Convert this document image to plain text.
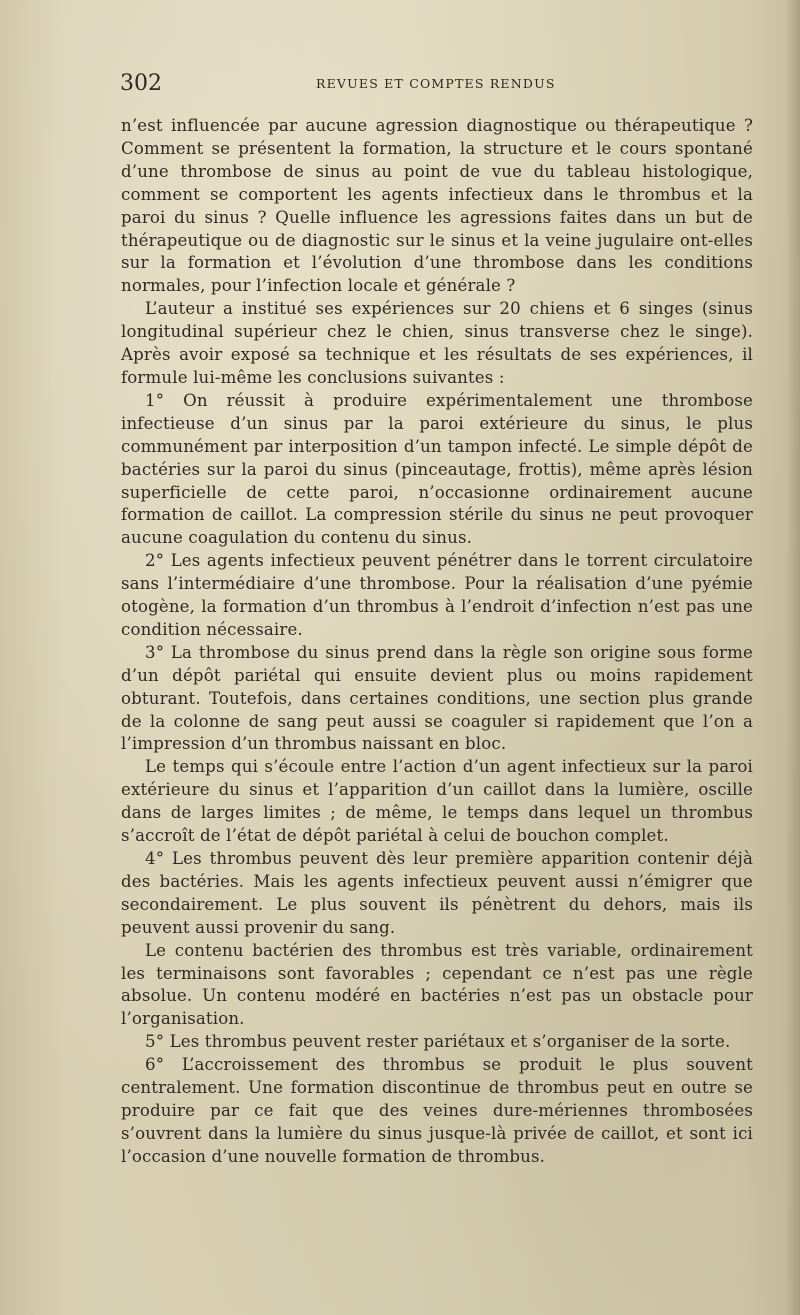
302	REVUES ET COMPTES RENDUS

n’est influencée par aucune agression diagnostique ou thérapeutique ? Comment se présentent la formation, la structure et le cours spontané d’une thrombose de sinus au point de vue du tableau histologique, comment se comportent les agents infectieux dans le thrombus et la paroi du sinus ? Quelle influence les agressions faites dans un but de thérapeutique ou de diagnostic sur le sinus et la veine jugulaire ont-elles sur la formation et l’évolution d’une thrombose dans les conditions normales, pour l’infection locale et générale ?

L’auteur a institué ses expériences sur 20 chiens et 6 singes (sinus longitudinal supérieur chez le chien, sinus transverse chez le singe). Après avoir exposé sa technique et les résultats de ses expériences, il formule lui-même les conclusions suivantes :

1° On réussit à produire expérimentalement une thrombose infectieuse d’un sinus par la paroi extérieure du sinus, le plus communément par interposition d’un tampon infecté. Le simple dépôt de bactéries sur la paroi du sinus (pinceautage, frottis), même après lésion superficielle de cette paroi, n’occasionne ordinairement aucune formation de caillot. La compression stérile du sinus ne peut provoquer aucune coagulation du contenu du sinus.

2° Les agents infectieux peuvent pénétrer dans le torrent circulatoire sans l’intermédiaire d’une thrombose. Pour la réalisation d’une pyémie otogène, la formation d’un thrombus à l’endroit d’infection n’est pas une condition nécessaire.

3° La thrombose du sinus prend dans la règle son origine sous forme d’un dépôt pariétal qui ensuite devient plus ou moins rapidement obturant. Toutefois, dans certaines conditions, une section plus grande de la colonne de sang peut aussi se coaguler si rapidement que l’on a l’impression d’un thrombus naissant en bloc.

Le temps qui s’écoule entre l’action d’un agent infectieux sur la paroi extérieure du sinus et l’apparition d’un caillot dans la lumière, oscille dans de larges limites ; de même, le temps dans lequel un thrombus s’accroît de l’état de dépôt pariétal à celui de bouchon complet.

4° Les thrombus peuvent dès leur première apparition contenir déjà des bactéries. Mais les agents infectieux peuvent aussi n’émigrer que secondairement. Le plus souvent ils pénètrent du dehors, mais ils peuvent aussi provenir du sang.

Le contenu bactérien des thrombus est très variable, ordinairement les terminaisons sont favorables ; cependant ce n’est pas une règle absolue. Un contenu modéré en bactéries n’est pas un obstacle pour l’organisation.

5° Les thrombus peuvent rester pariétaux et s’organiser de la sorte.

6° L’accroissement des thrombus se produit le plus souvent centralement. Une formation discontinue de thrombus peut en outre se produire par ce fait que des veines dure-mériennes thrombosées s’ouvrent dans la lumière du sinus jusque-là privée de caillot, et sont ici l’occasion d’une nouvelle formation de thrombus.
